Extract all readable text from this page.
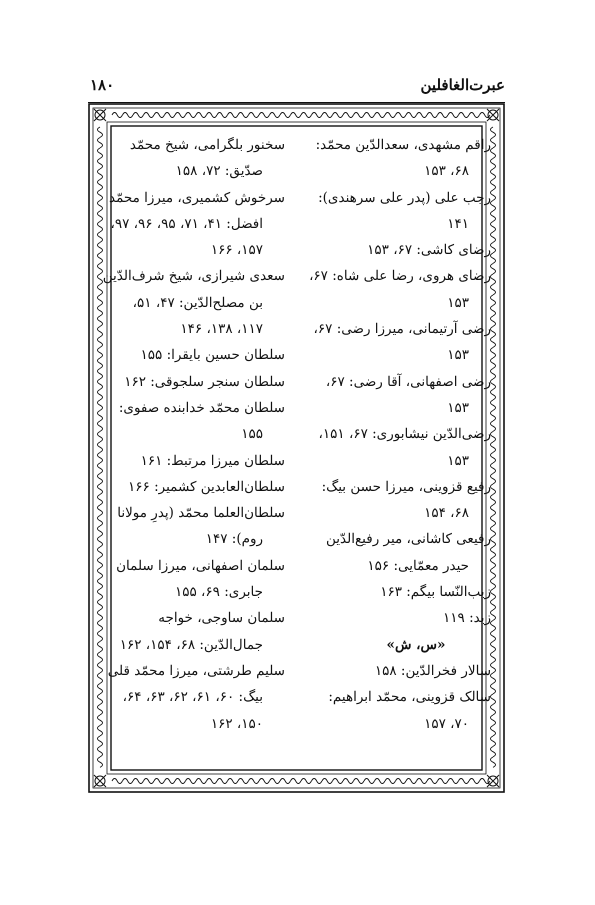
عبرت‌الغافلین
۱۸۰
راقم مشهدی، سعدالدّین محمّد:
۶۸، ۱۵۳
رجب علی (پدر علی سرهندی):
۱۴۱
رضای کاشی: ۶۷، ۱۵۳
رضای هروی، رضا علی شاه: ۶۷،
۱۵۳
رضی آرتیمانی، میرزا رضی: ۶۷،
۱۵۳
رضی اصفهانی، آقا رضی: ۶۷،
۱۵۳
رضی‌الدّین نیشابوری: ۶۷، ۱۵۱،
۱۵۳
رفیع قزوینی، میرزا حسن بیگ:
۶۸، ۱۵۴
رفیعی کاشانی، میر رفیع‌الدّین
حیدر معمّایی: ۱۵۶
زیب‌النّسا بیگم: ۱۶۳
زید: ۱۱۹
«س، ش»
سالار فخرالدّین: ۱۵۸
سالک قزوینی، محمّد ابراهیم:
۷۰، ۱۵۷
سخنور بلگرامی، شیخ محمّد
صدّیق: ۷۲، ۱۵۸
سرخوش کشمیری، میرزا محمّد
افضل: ۴۱، ۷۱، ۹۵، ۹۶، ۹۷،
۱۵۷، ۱۶۶
سعدی شیرازی، شیخ شرف‌الدّین
بن مصلح‌الدّین: ۴۷، ۵۱،
۱۱۷، ۱۳۸، ۱۴۶
سلطان حسین بایقرا: ۱۵۵
سلطان سنجر سلجوقی: ۱۶۲
سلطان محمّد خدابنده صفوی:
۱۵۵
سلطان میرزا مرتبط: ۱۶۱
سلطان‌العابدین کشمیر: ۱۶۶
سلطان‌العلما محمّد (پدرِ مولانا
روم): ۱۴۷
سلمان اصفهانی، میرزا سلمان
جابری: ۶۹، ۱۵۵
سلمان ساوجی، خواجه
جمال‌الدّین: ۶۸، ۱۵۴، ۱۶۲
سلیم طرشتی، میرزا محمّد قلی
بیگ: ۶۰، ۶۱، ۶۲، ۶۳، ۶۴،
۱۵۰، ۱۶۲
